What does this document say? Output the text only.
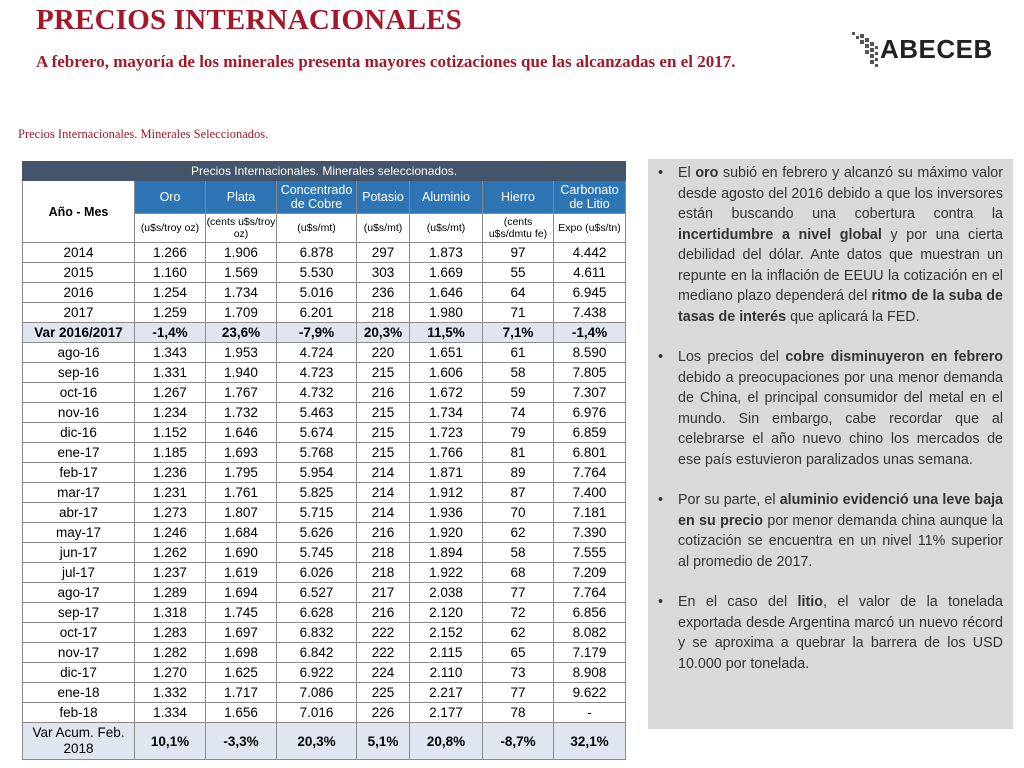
PRECIOS INTERNACIONALES
A febrero, mayoría de los minerales presenta mayores cotizaciones que las alcanzadas en el 2017.	ABECEB
Precios Internacionales. Minerales Seleccionados.
Precios Internacionales. Minerales seleccionados.							
Año - Mes	Oro	Plata	Concentrado de Cobre	Potasio	Aluminio	Hierro	Carbonato de Litio
	(u$s/troy oz)	(cents u$s/troy oz)	(u$s/mt)	(u$s/mt)	(u$s/mt)	(cents u$s/dmtu fe)	Expo (u$s/tn)
2014	1.266	1.906	6.878	297	1.873	97	4.442
2015	1.160	1.569	5.530	303	1.669	55	4.611
2016	1.254	1.734	5.016	236	1.646	64	6.945
2017	1.259	1.709	6.201	218	1.980	71	7.438
Var 2016/2017	-1,4%	23,6%	-7,9%	20,3%	11,5%	7,1%	-1,4%
ago-16	1.343	1.953	4.724	220	1.651	61	8.590
sep-16	1.331	1.940	4.723	215	1.606	58	7.805
oct-16	1.267	1.767	4.732	216	1.672	59	7.307
nov-16	1.234	1.732	5.463	215	1.734	74	6.976
dic-16	1.152	1.646	5.674	215	1.723	79	6.859
ene-17	1.185	1.693	5.768	215	1.766	81	6.801
feb-17	1.236	1.795	5.954	214	1.871	89	7.764
mar-17	1.231	1.761	5.825	214	1.912	87	7.400
abr-17	1.273	1.807	5.715	214	1.936	70	7.181
may-17	1.246	1.684	5.626	216	1.920	62	7.390
jun-17	1.262	1.690	5.745	218	1.894	58	7.555
jul-17	1.237	1.619	6.026	218	1.922	68	7.209
ago-17	1.289	1.694	6.527	217	2.038	77	7.764
sep-17	1.318	1.745	6.628	216	2.120	72	6.856
oct-17	1.283	1.697	6.832	222	2.152	62	8.082
nov-17	1.282	1.698	6.842	222	2.115	65	7.179
dic-17	1.270	1.625	6.922	224	2.110	73	8.908
ene-18	1.332	1.717	7.086	225	2.217	77	9.622
feb-18	1.334	1.656	7.016	226	2.177	78	-
Var Acum. Feb. 2018	10,1%	-3,3%	20,3%	5,1%	20,8%	-8,7%	32,1%
• El oro subió en febrero y alcanzó su máximo valor desde agosto del 2016 debido a que los inversores están buscando una cobertura contra la incertidumbre a nivel global y por una cierta debilidad del dólar. Ante datos que muestran un repunte en la inflación de EEUU la cotización en el mediano plazo dependerá del ritmo de la suba de tasas de interés que aplicará la FED.
• Los precios del cobre disminuyeron en febrero debido a preocupaciones por una menor demanda de China, el principal consumidor del metal en el mundo. Sin embargo, cabe recordar que al celebrarse el año nuevo chino los mercados de ese país estuvieron paralizados unas semana.
• Por su parte, el aluminio evidenció una leve baja en su precio por menor demanda china aunque la cotización se encuentra en un nivel 11% superior al promedio de 2017.
• En el caso del litio, el valor de la tonelada exportada desde Argentina marcó un nuevo récord y se aproxima a quebrar la barrera de los USD 10.000 por tonelada.
